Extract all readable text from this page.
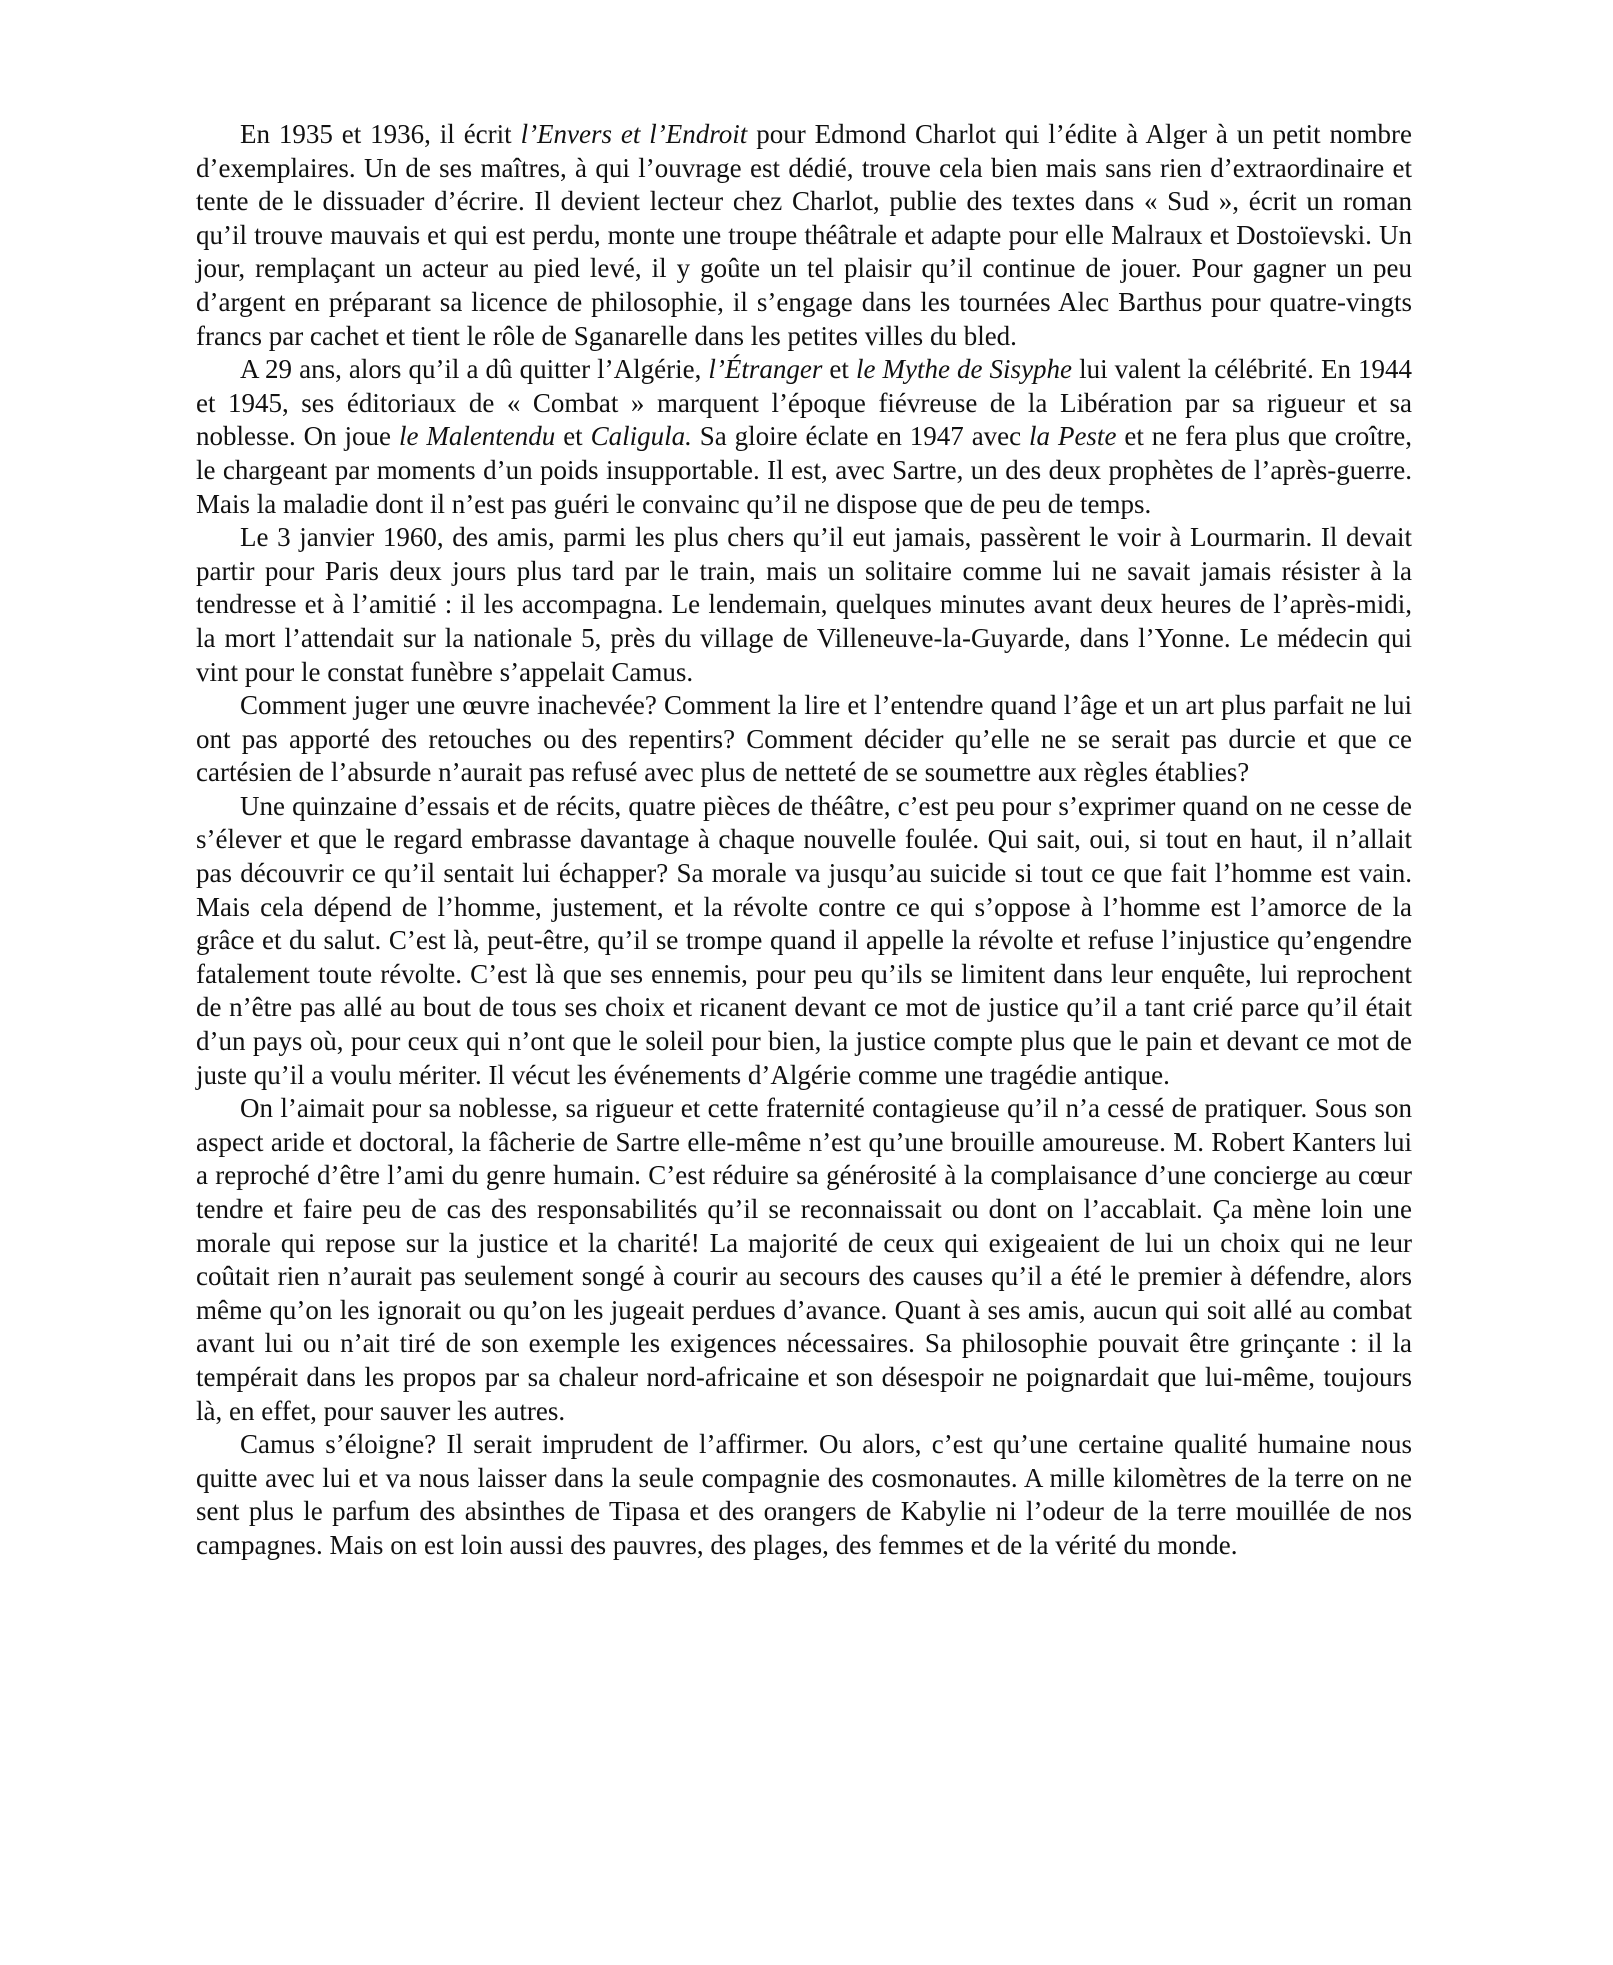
En 1935 et 1936, il écrit l’Envers et l’Endroit pour Edmond Charlot qui l’édite à Alger à un petit nombre d’exemplaires. Un de ses maîtres, à qui l’ouvrage est dédié, trouve cela bien mais sans rien d’extraordinaire et tente de le dissuader d’écrire. Il devient lecteur chez Charlot, publie des textes dans « Sud », écrit un roman qu’il trouve mauvais et qui est perdu, monte une troupe théâtrale et adapte pour elle Malraux et Dostoïevski. Un jour, remplaçant un acteur au pied levé, il y goûte un tel plaisir qu’il continue de jouer. Pour gagner un peu d’argent en préparant sa licence de philosophie, il s’engage dans les tournées Alec Barthus pour quatre-vingts francs par cachet et tient le rôle de Sganarelle dans les petites villes du bled.

A 29 ans, alors qu’il a dû quitter l’Algérie, l’Étranger et le Mythe de Sisyphe lui valent la célébrité. En 1944 et 1945, ses éditoriaux de « Combat » marquent l’époque fiévreuse de la Libération par sa rigueur et sa noblesse. On joue le Malentendu et Caligula. Sa gloire éclate en 1947 avec la Peste et ne fera plus que croître, le chargeant par moments d’un poids insupportable. Il est, avec Sartre, un des deux prophètes de l’après-guerre. Mais la maladie dont il n’est pas guéri le convainc qu’il ne dispose que de peu de temps.

Le 3 janvier 1960, des amis, parmi les plus chers qu’il eut jamais, passèrent le voir à Lourmarin. Il devait partir pour Paris deux jours plus tard par le train, mais un solitaire comme lui ne savait jamais résister à la tendresse et à l’amitié : il les accompagna. Le lendemain, quelques minutes avant deux heures de l’après-midi, la mort l’attendait sur la nationale 5, près du village de Villeneuve-la-Guyarde, dans l’Yonne. Le médecin qui vint pour le constat funèbre s’appelait Camus.

Comment juger une œuvre inachevée? Comment la lire et l’entendre quand l’âge et un art plus parfait ne lui ont pas apporté des retouches ou des repentirs? Comment décider qu’elle ne se serait pas durcie et que ce cartésien de l’absurde n’aurait pas refusé avec plus de netteté de se soumettre aux règles établies?

Une quinzaine d’essais et de récits, quatre pièces de théâtre, c’est peu pour s’exprimer quand on ne cesse de s’élever et que le regard embrasse davantage à chaque nouvelle foulée. Qui sait, oui, si tout en haut, il n’allait pas découvrir ce qu’il sentait lui échapper? Sa morale va jusqu’au suicide si tout ce que fait l’homme est vain. Mais cela dépend de l’homme, justement, et la révolte contre ce qui s’oppose à l’homme est l’amorce de la grâce et du salut. C’est là, peut-être, qu’il se trompe quand il appelle la révolte et refuse l’injustice qu’engendre fatalement toute révolte. C’est là que ses ennemis, pour peu qu’ils se limitent dans leur enquête, lui reprochent de n’être pas allé au bout de tous ses choix et ricanent devant ce mot de justice qu’il a tant crié parce qu’il était d’un pays où, pour ceux qui n’ont que le soleil pour bien, la justice compte plus que le pain et devant ce mot de juste qu’il a voulu mériter. Il vécut les événements d’Algérie comme une tragédie antique.

On l’aimait pour sa noblesse, sa rigueur et cette fraternité contagieuse qu’il n’a cessé de pratiquer. Sous son aspect aride et doctoral, la fâcherie de Sartre elle-même n’est qu’une brouille amoureuse. M. Robert Kanters lui a reproché d’être l’ami du genre humain. C’est réduire sa générosité à la complaisance d’une concierge au cœur tendre et faire peu de cas des responsabilités qu’il se reconnaissait ou dont on l’accablait. Ça mène loin une morale qui repose sur la justice et la charité! La majorité de ceux qui exigeaient de lui un choix qui ne leur coûtait rien n’aurait pas seulement songé à courir au secours des causes qu’il a été le premier à défendre, alors même qu’on les ignorait ou qu’on les jugeait perdues d’avance. Quant à ses amis, aucun qui soit allé au combat avant lui ou n’ait tiré de son exemple les exigences nécessaires. Sa philosophie pouvait être grinçante : il la tempérait dans les propos par sa chaleur nord-africaine et son désespoir ne poignardait que lui-même, toujours là, en effet, pour sauver les autres.

Camus s’éloigne? Il serait imprudent de l’affirmer. Ou alors, c’est qu’une certaine qualité humaine nous quitte avec lui et va nous laisser dans la seule compagnie des cosmonautes. A mille kilomètres de la terre on ne sent plus le parfum des absinthes de Tipasa et des orangers de Kabylie ni l’odeur de la terre mouillée de nos campagnes. Mais on est loin aussi des pauvres, des plages, des femmes et de la vérité du monde.
